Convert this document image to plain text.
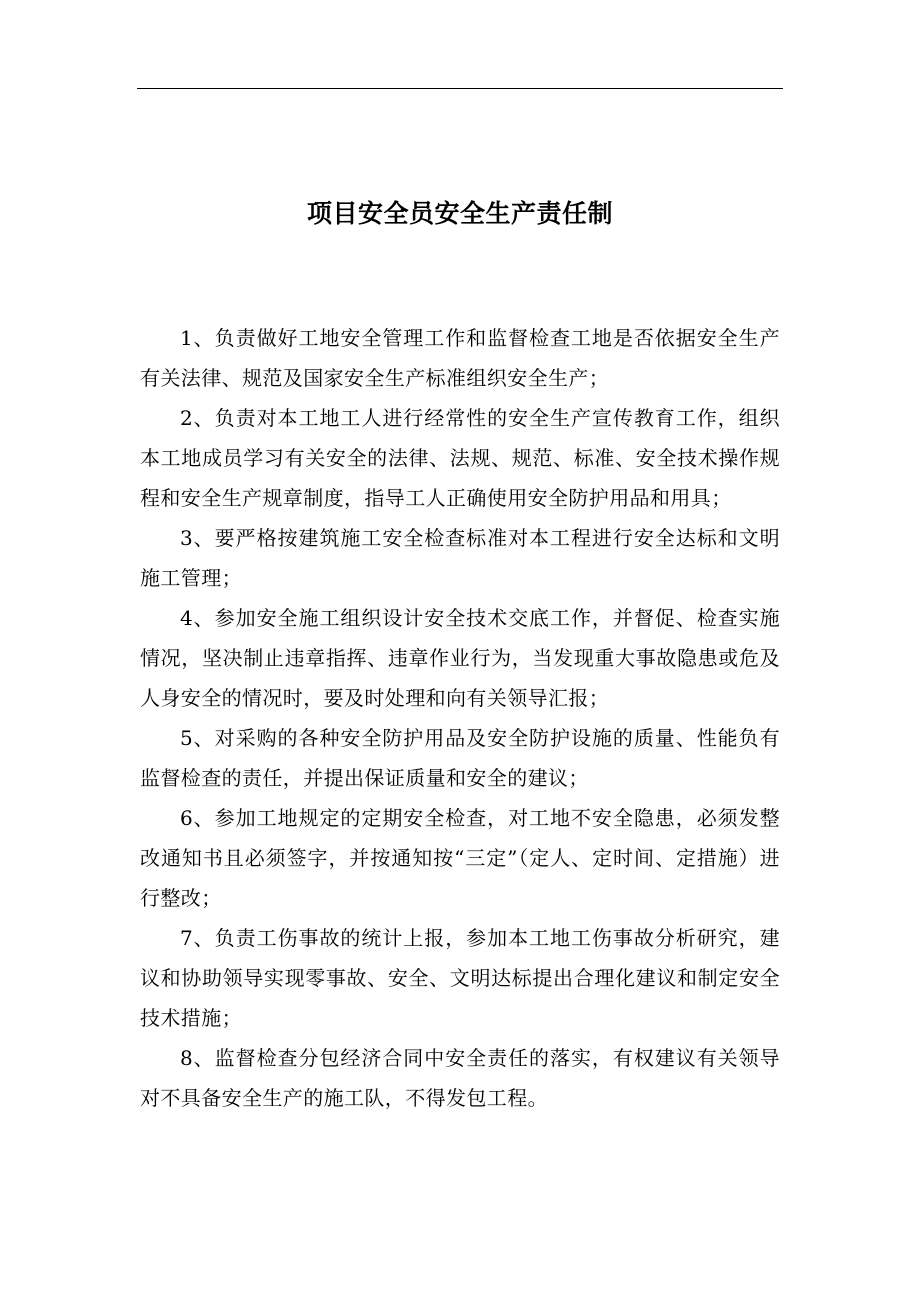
项目安全员安全生产责任制

1、负责做好工地安全管理工作和监督检查工地是否依据安全生产有关法律、规范及国家安全生产标准组织安全生产；

2、负责对本工地工人进行经常性的安全生产宣传教育工作，组织本工地成员学习有关安全的法律、法规、规范、标准、安全技术操作规程和安全生产规章制度，指导工人正确使用安全防护用品和用具；

3、要严格按建筑施工安全检查标准对本工程进行安全达标和文明施工管理；

4、参加安全施工组织设计安全技术交底工作，并督促、检查实施情况，坚决制止违章指挥、违章作业行为，当发现重大事故隐患或危及人身安全的情况时，要及时处理和向有关领导汇报；

5、对采购的各种安全防护用品及安全防护设施的质量、性能负有监督检查的责任，并提出保证质量和安全的建议；

6、参加工地规定的定期安全检查，对工地不安全隐患，必须发整改通知书且必须签字，并按通知按“三定”（定人、定时间、定措施）进行整改；

7、负责工伤事故的统计上报，参加本工地工伤事故分析研究，建议和协助领导实现零事故、安全、文明达标提出合理化建议和制定安全技术措施；

8、监督检查分包经济合同中安全责任的落实，有权建议有关领导对不具备安全生产的施工队，不得发包工程。
